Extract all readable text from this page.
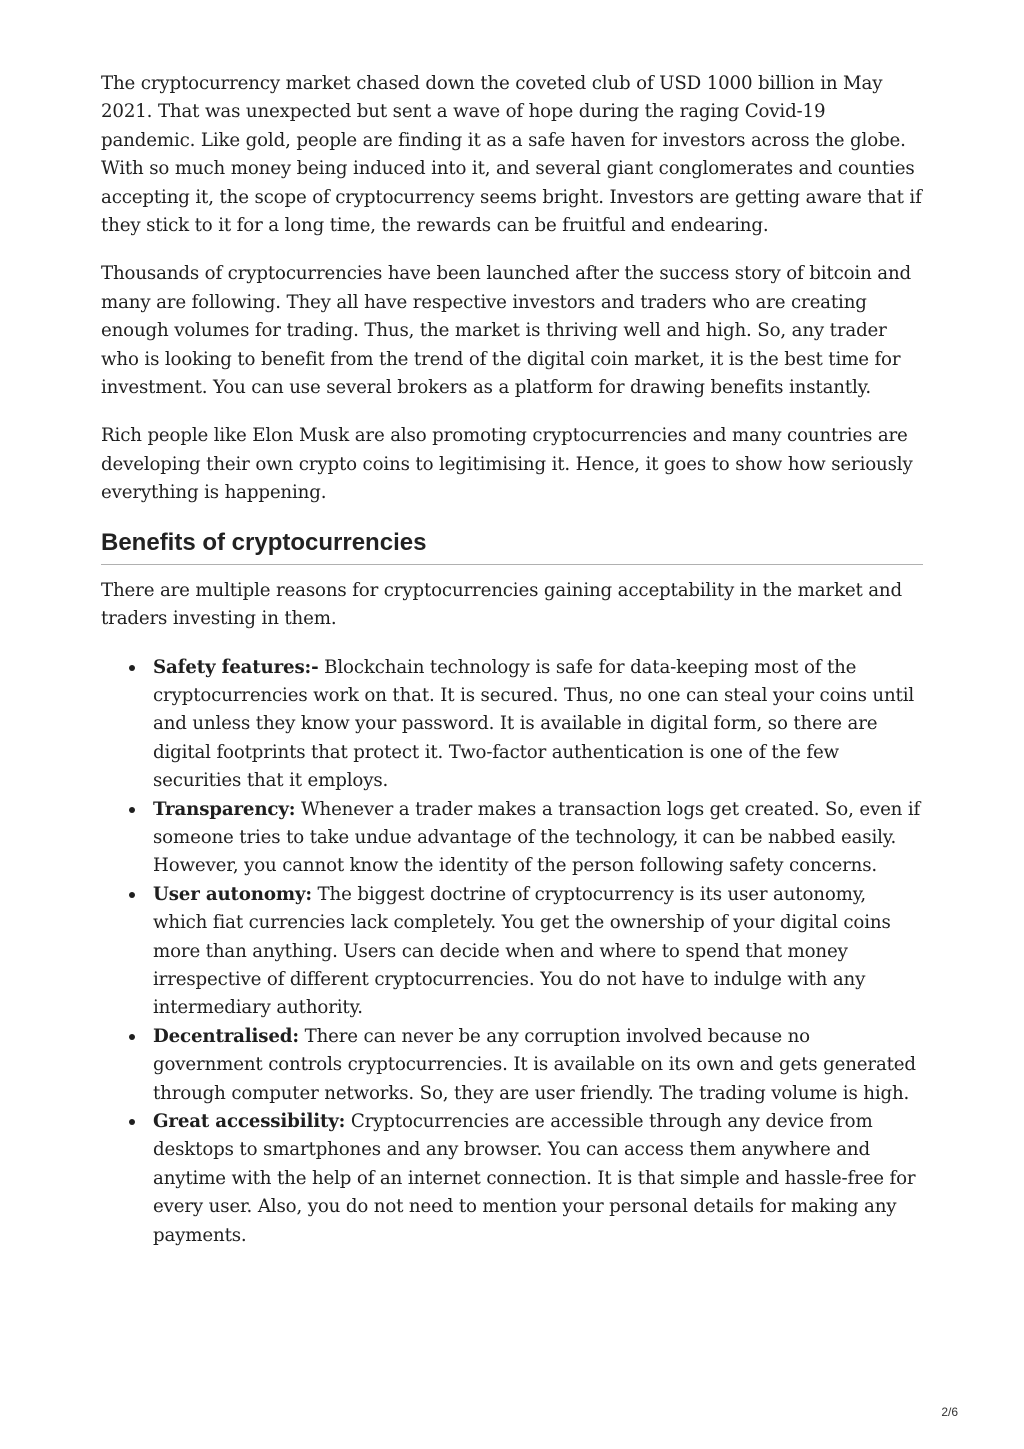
The cryptocurrency market chased down the coveted club of USD 1000 billion in May 2021. That was unexpected but sent a wave of hope during the raging Covid-19 pandemic. Like gold, people are finding it as a safe haven for investors across the globe. With so much money being induced into it, and several giant conglomerates and counties accepting it, the scope of cryptocurrency seems bright. Investors are getting aware that if they stick to it for a long time, the rewards can be fruitful and endearing.

Thousands of cryptocurrencies have been launched after the success story of bitcoin and many are following. They all have respective investors and traders who are creating enough volumes for trading. Thus, the market is thriving well and high. So, any trader who is looking to benefit from the trend of the digital coin market, it is the best time for investment. You can use several brokers as a platform for drawing benefits instantly.

Rich people like Elon Musk are also promoting cryptocurrencies and many countries are developing their own crypto coins to legitimising it. Hence, it goes to show how seriously everything is happening.

Benefits of cryptocurrencies

There are multiple reasons for cryptocurrencies gaining acceptability in the market and traders investing in them.

Safety features:- Blockchain technology is safe for data-keeping most of the cryptocurrencies work on that. It is secured. Thus, no one can steal your coins until and unless they know your password. It is available in digital form, so there are digital footprints that protect it. Two-factor authentication is one of the few securities that it employs.
Transparency: Whenever a trader makes a transaction logs get created. So, even if someone tries to take undue advantage of the technology, it can be nabbed easily. However, you cannot know the identity of the person following safety concerns.
User autonomy: The biggest doctrine of cryptocurrency is its user autonomy, which fiat currencies lack completely. You get the ownership of your digital coins more than anything. Users can decide when and where to spend that money irrespective of different cryptocurrencies. You do not have to indulge with any intermediary authority.
Decentralised: There can never be any corruption involved because no government controls cryptocurrencies. It is available on its own and gets generated through computer networks. So, they are user friendly. The trading volume is high.
Great accessibility: Cryptocurrencies are accessible through any device from desktops to smartphones and any browser. You can access them anywhere and anytime with the help of an internet connection. It is that simple and hassle-free for every user. Also, you do not need to mention your personal details for making any payments.
2/6
